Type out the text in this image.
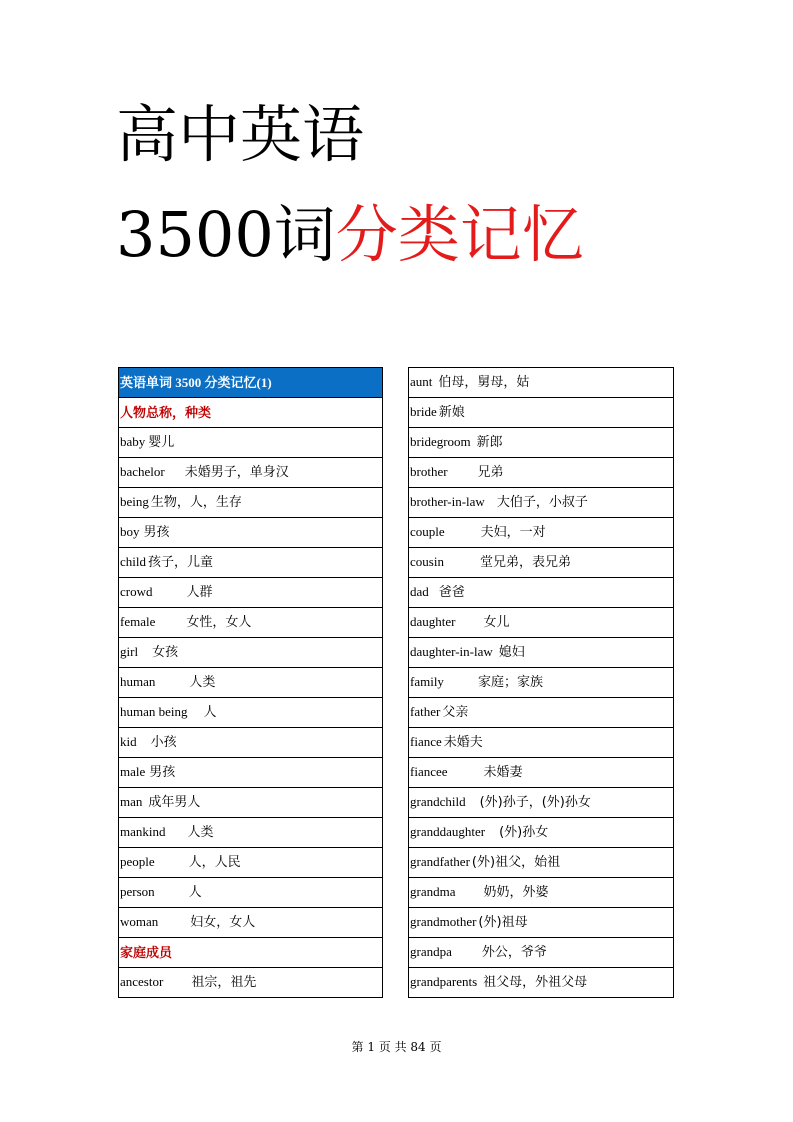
高中英语
3500词分类记忆
英语单词 3500 分类记忆(1)
人物总称，种类
baby 婴儿
bachelor 未婚男子，单身汉
being 生物，人，生存
boy 男孩
child 孩子，儿童
crowd	人群
female 女性，女人
girl 女孩
human	人类
human being 人
kid 小孩
male 男孩
man 成年男人
mankind 人类
people	人，人民
person	人
woman 妇女，女人
家庭成员
ancestor 祖宗，祖先
aunt 伯母，舅母，姑
bride 新娘
bridegroom 新郎
brother 兄弟
brother-in-law 大伯子，小叔子
couple	夫妇，一对
cousin	堂兄弟，表兄弟
dad 爸爸
daughter 女儿
daughter-in-law 媳妇
family	家庭；家族
father 父亲
fiance 未婚夫
fiancee	未婚妻
grandchild (外)孙子，(外)孙女
granddaughter (外)孙女
grandfather (外)祖父，始祖
grandma 奶奶，外婆
grandmother (外)祖母
grandpa 外公，爷爷
grandparents 祖父母，外祖父母
第 1 页 共 84 页
